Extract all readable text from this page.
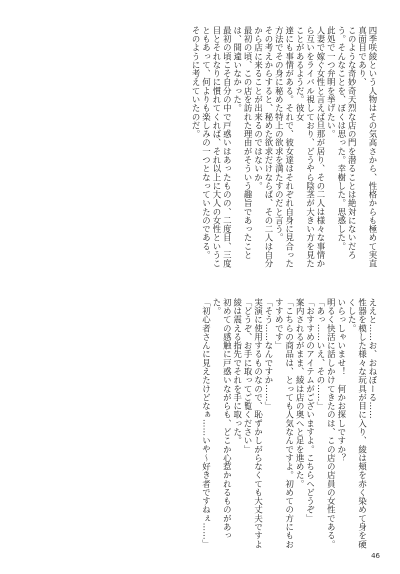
四季咲綾という人物はその気高さから、性格からも極めて実直真面目であり、

このような奇妙奇天烈な店の門を潜ることは絶対にないだろう。そんなことを、ぼくは思った。幸樹した。思惑した。

此処で一つ弁明を挙げたい。

人妻で嫁ぐ女性と言えば旦那が居り、その二人は様々な事情から互いをライバル視しており、どうやら陰茎が大きい方を見たことがあるようだ。彼女

達にも事情がある。それで、彼女達はそれぞれ自身に見合った方法でその身に秘めた特上の欲求を満たすのだと言う。

その考えからすると、秘めた欲求だけならば、その二人は自分から店に来ることが出来るのではないか。

最初の頃、この店を訪れた理由がそういう趣旨であったことは、間違いなかった。

最初の頃こそ自分の中で戸惑いはあったものの、二度目、三度目とそれなりに慣れてくれば、それ以上に大人の女性ということもあって、何よりも楽しみの一つとなっていたのである。

そのように考えていたのだ。

ええと……お、おねぼーる……

性器を模した様々な玩具が目に入り、綾は頬を赤く染めて身を硬くした。

いらっしゃいませ！　何かお探しですか？

明るく快活に話しかけてきたのは、この店の店員の女性である。

「あっ……いえ、その……」

「おすすめのアイテムがございますよ。こちらへどうぞ」

案内されるがまま、綾は店の奥へと足を進めた。

「こちらの商品は、とっても人気なんですよ。初めての方にもおすすめです」

「そう……なんですか……」

実演に使用するものなので、恥ずかしがらなくても大丈夫ですよ

「どうぞ、お手に取ってご覧ください」

綾は震える指先でそれを手に取った。

初めての感触に戸惑いながらも、どこか心惹かれるものがあった。

「初心者さんに見えたけどなぁ……いや～好き者ですねぇ……」

46
